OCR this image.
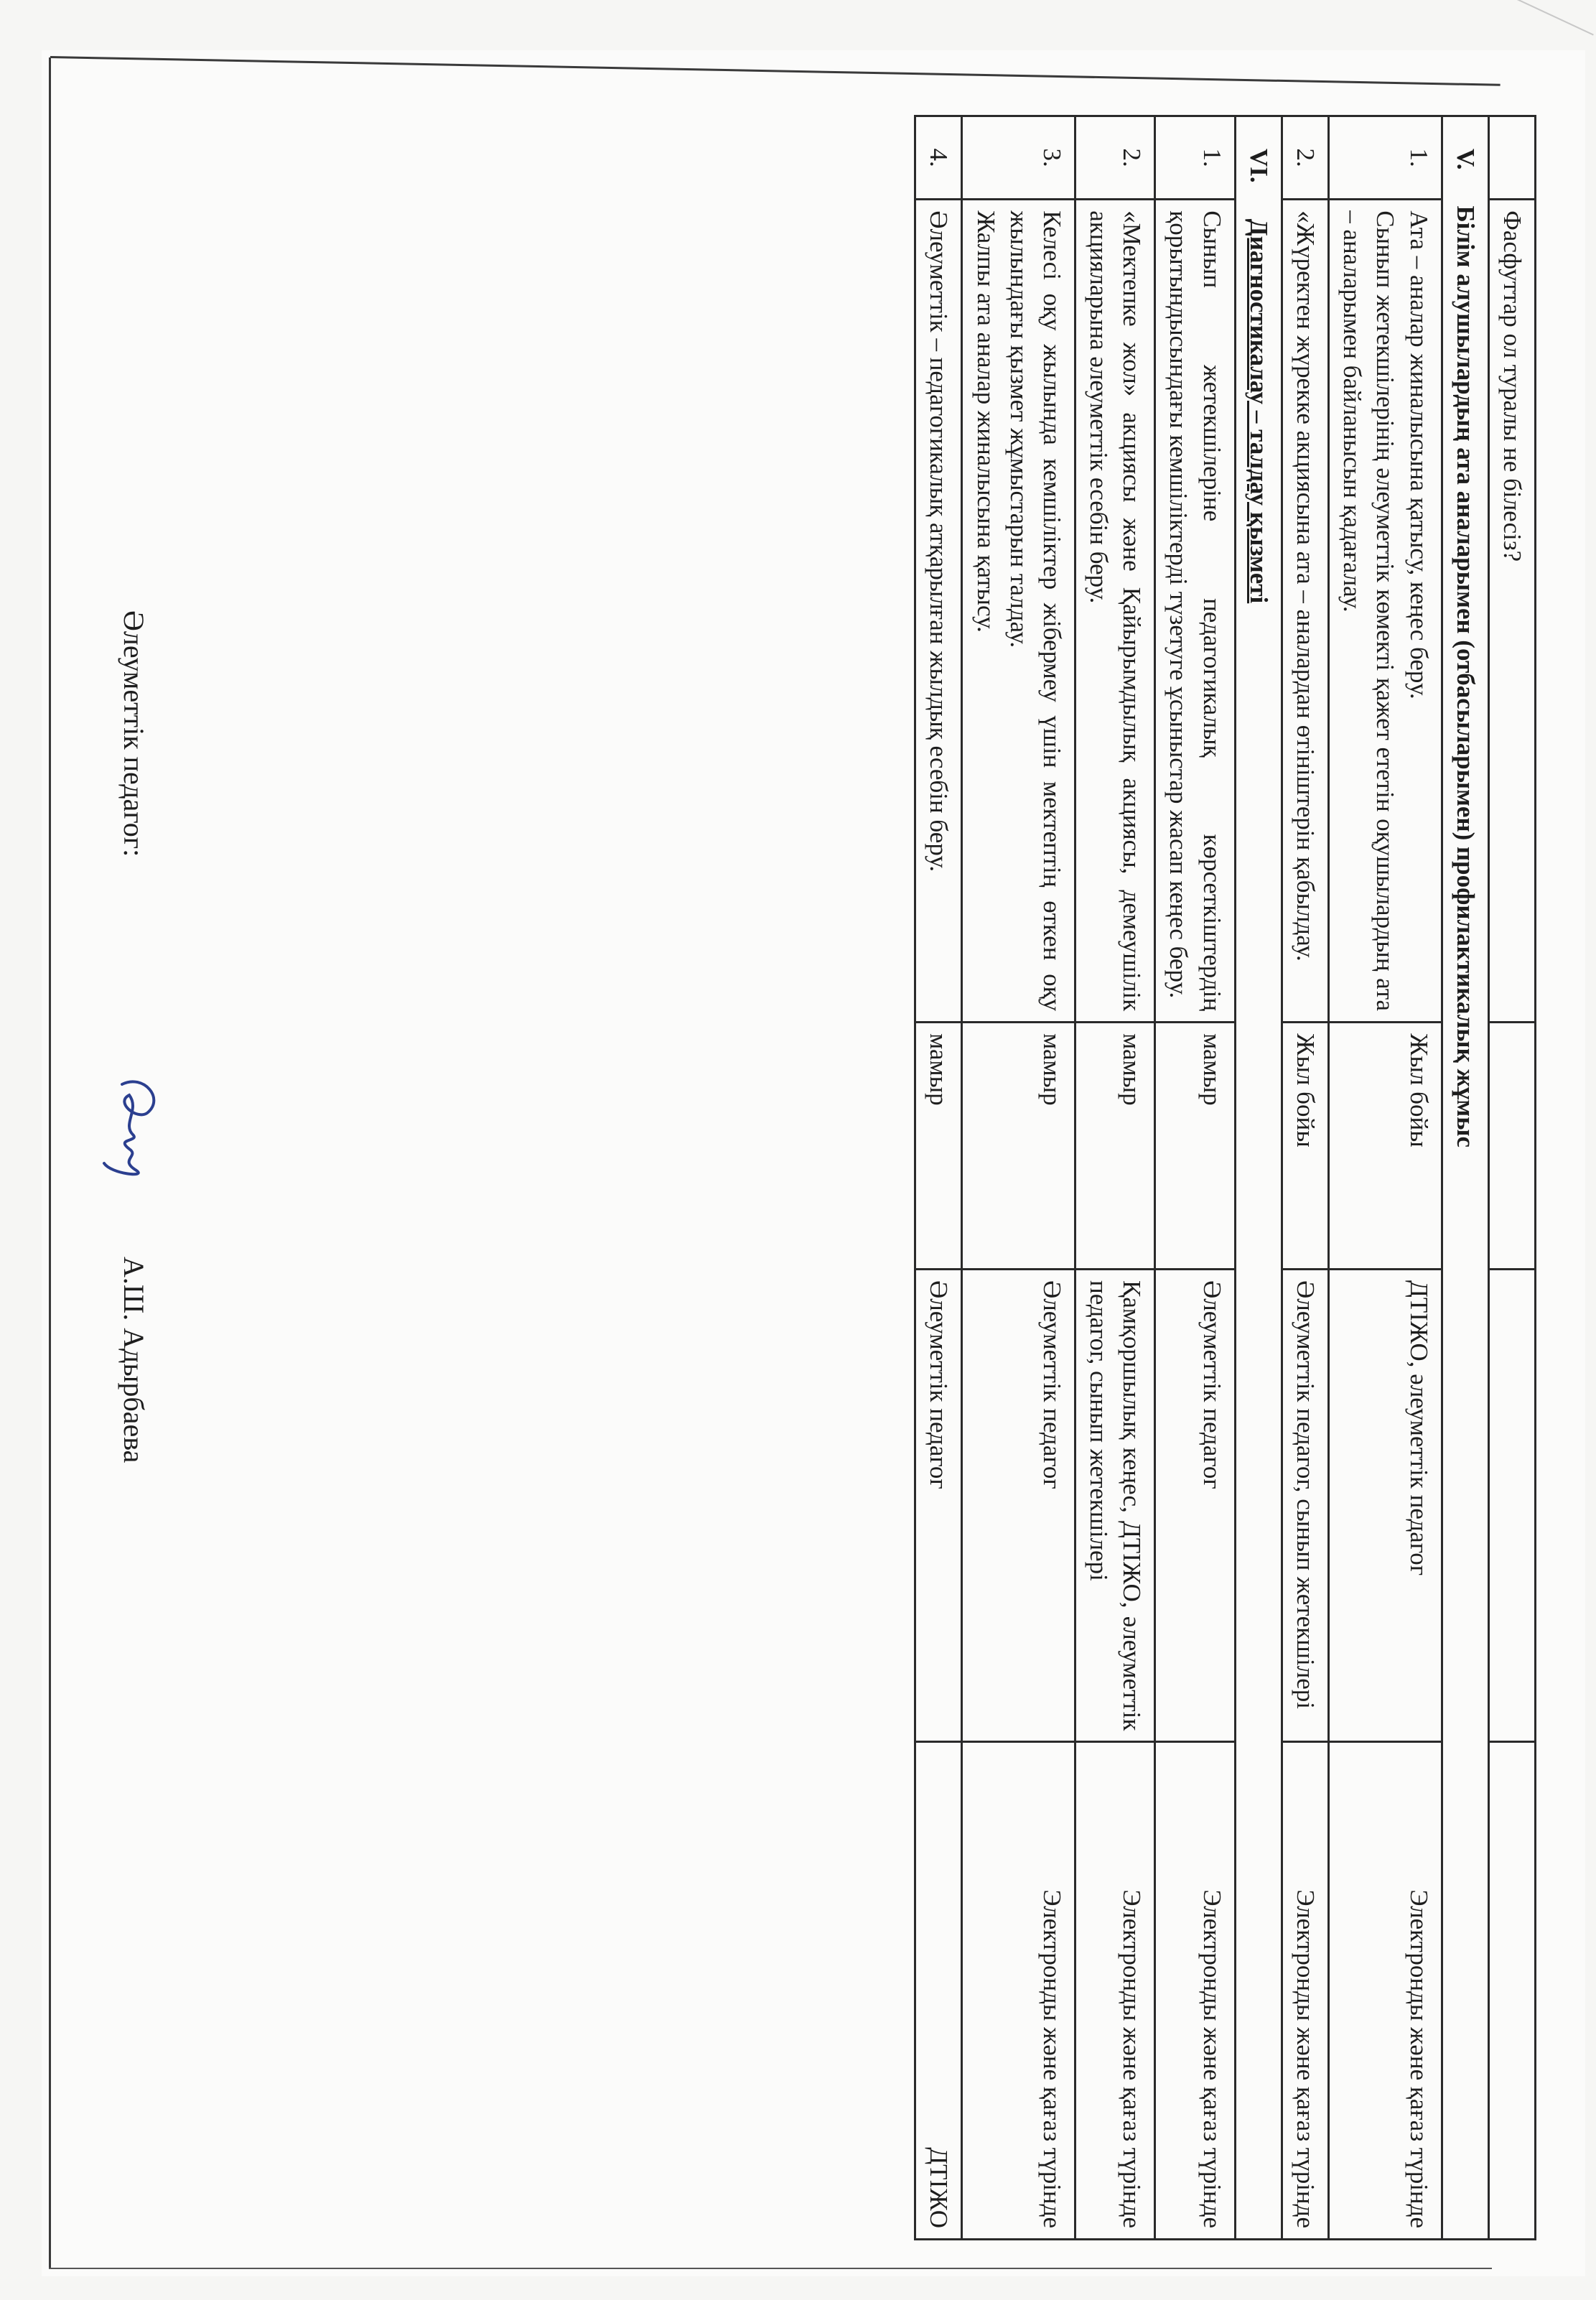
	Фасфуттар ол туралы не білесіз?			
V.Білім алушылардың ата аналарымен (отбасыларымен) профилактикалық жұмыс				
1.	Ата – аналар жиналысына қатысу, кеңес беру.
Сынып жетекшілерінің әлеуметтік көмекті қажет ететін оқушылардың ата – аналарымен байланысын қадағалау.	Жыл бойы	ДТІЖО, әлеуметтік педагог	Электронды және қағаз түрінде
2.	«Жүректен жүрекке акциясына ата – аналардан өтініштерін қабылдау.	Жыл бойы	Әлеуметтік педагог, сынып жетекшілері	Электронды және қағаз түрінде
VI.Диагностикалау – талдау қызметі				
1.	Сынып жетекшілеріне педагогикалық көрсеткіштердің қорытындысындағы кемшіліктерді түзетуге ұсыныстар жасап кеңес беру.	мамыр	Әлеуметтік педагог	Электронды және қағаз түрінде
2.	«Мектепке жол» акциясы және Қайырымдылық акциясы, демеушілік акцияларына әлеуметтік есебін беру.	мамыр	Қамқоршылық кеңес, ДТІЖО, әлеуметтік педагог, сынып жетекшілері	Электронды және қағаз түрінде
3.	Келесі оқу жылында кемшіліктер жібермеу үшін мектептің өткен оқу жылындағы қызмет жұмыстарын талдау.
Жалпы ата аналар жиналысына қатысу.	мамыр	Әлеуметтік педагог	Электронды және қағаз түрінде
4.	Әлеуметтік – педагогикалық атқарылған жылдық есебін беру.	мамыр	Әлеуметтік педагог	ДТІЖО
Әлеуметтік педагог:
А.Ш. Адырбаева
